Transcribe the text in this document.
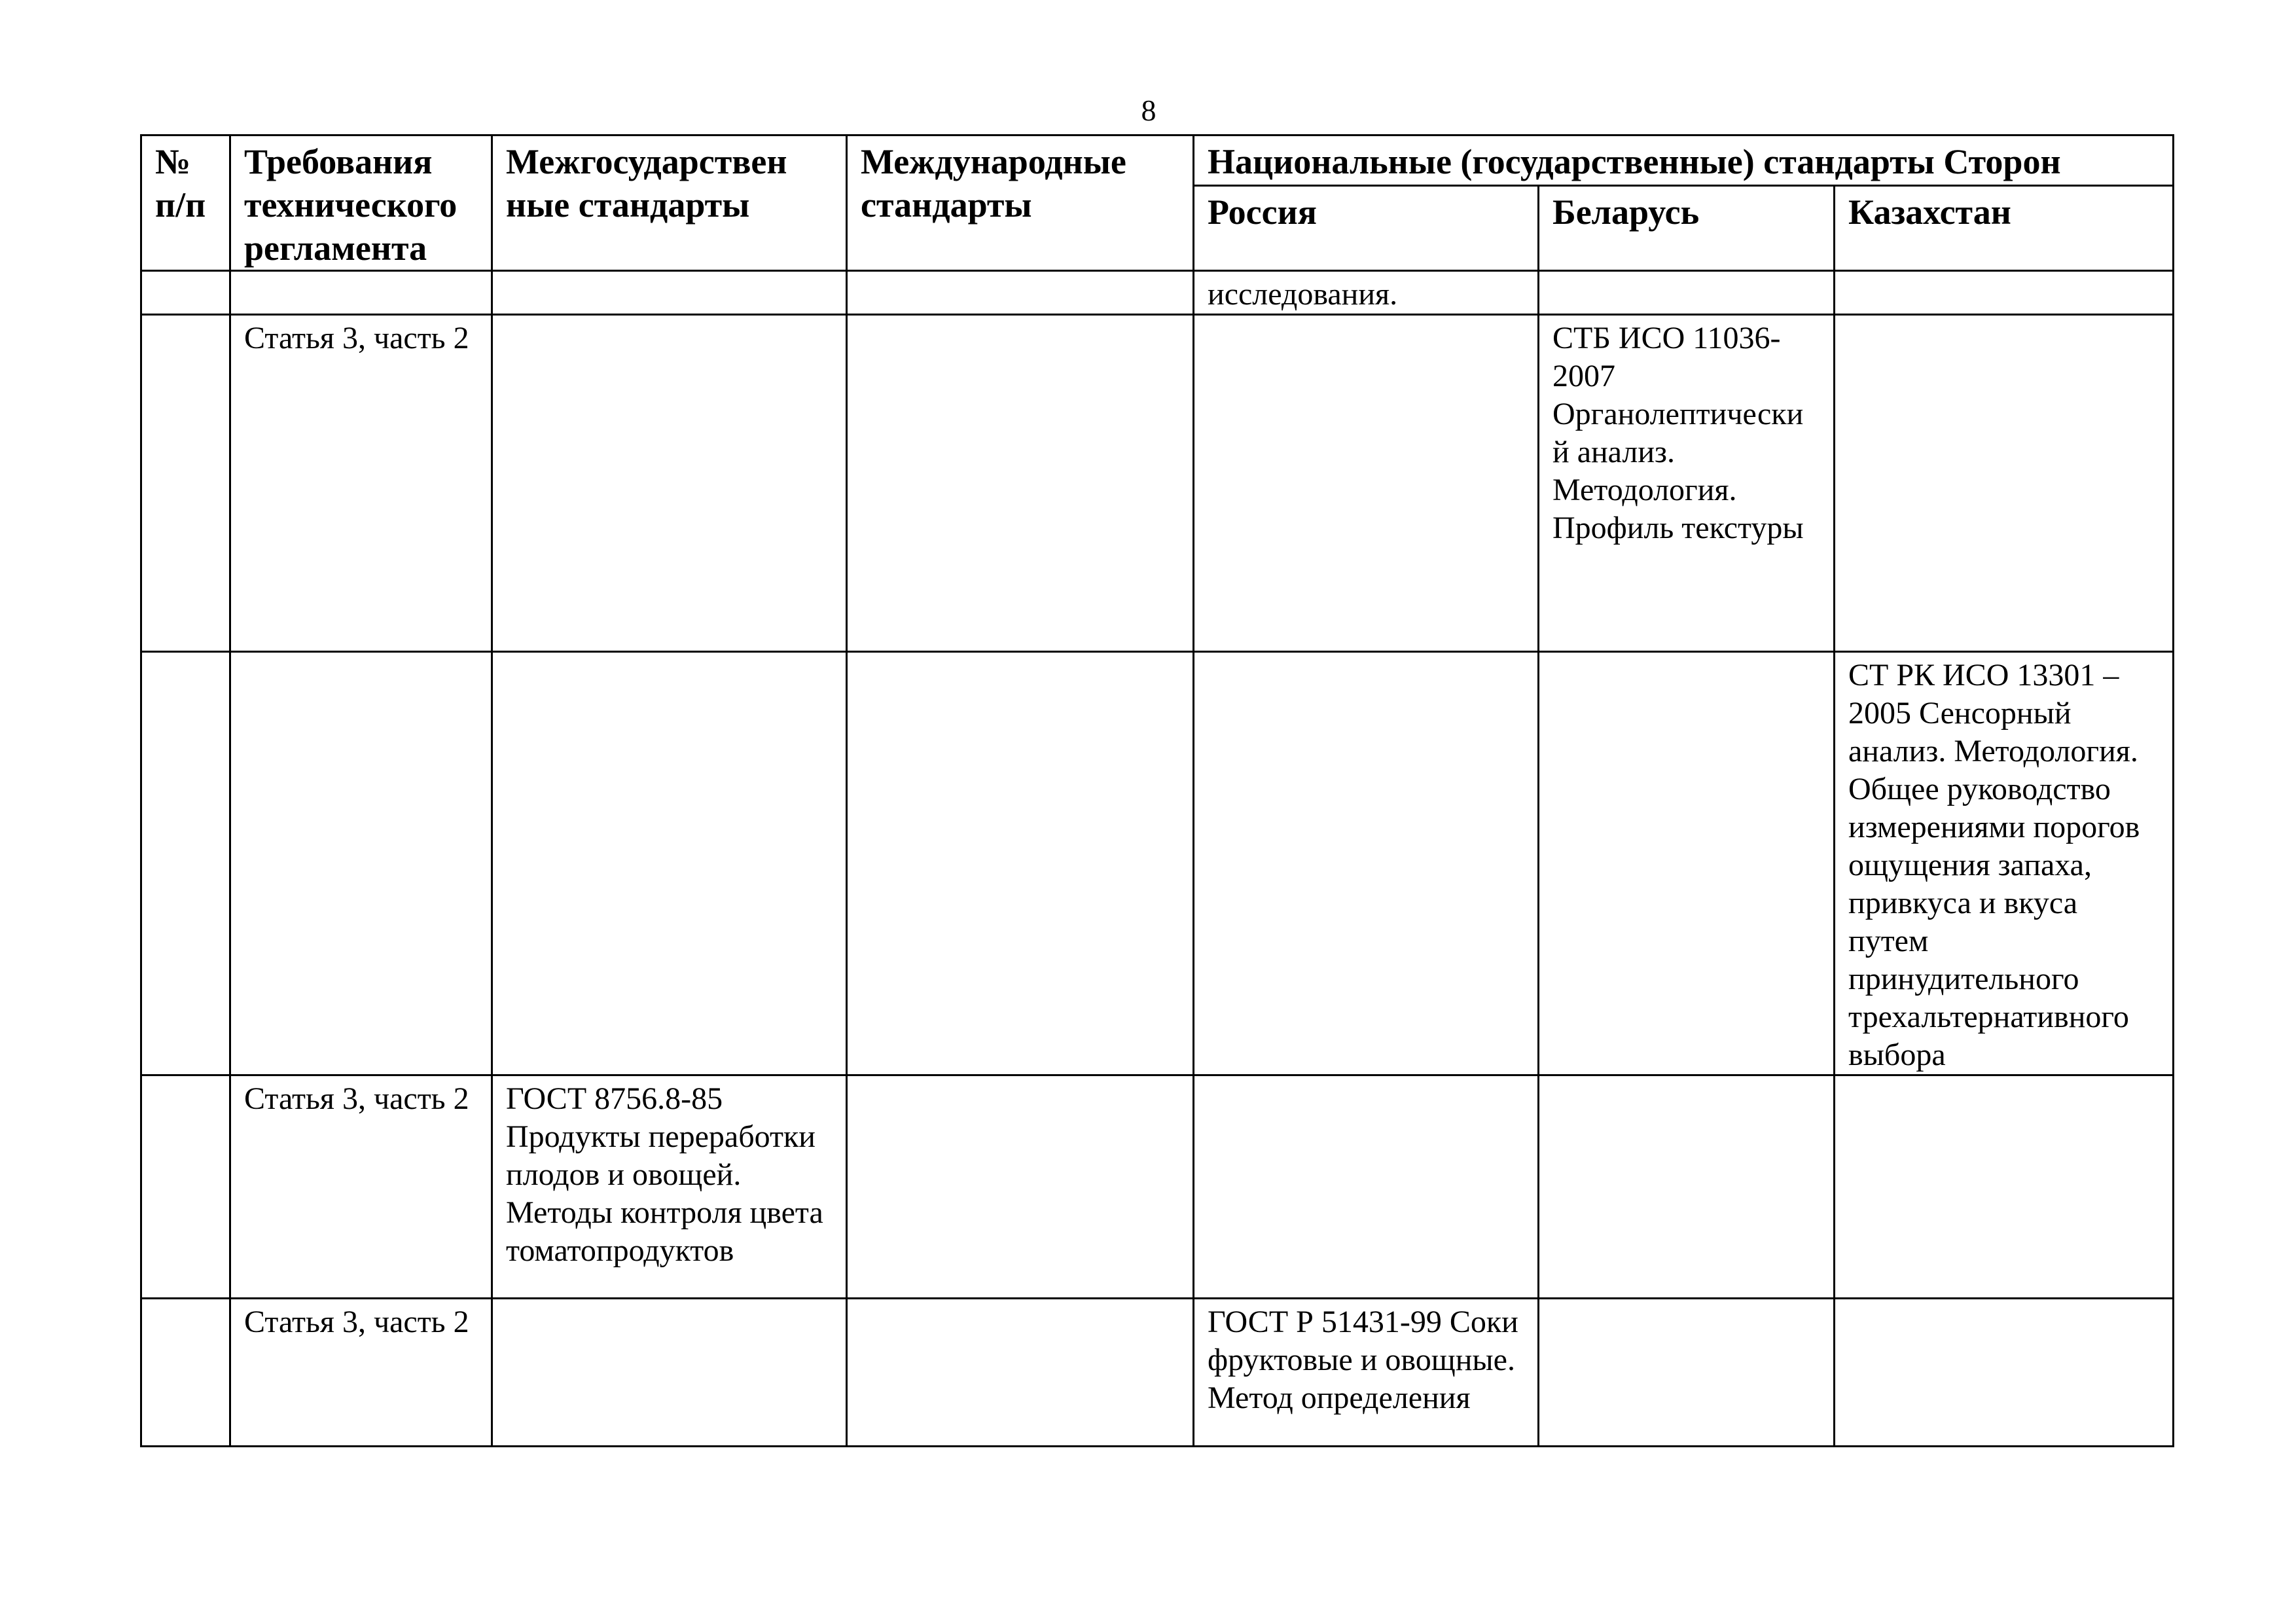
8
№ п/п	Требования технического регламента	Межгосударствен ные стандарты	Международные стандарты	Национальные (государственные) стандарты Сторон		
				Россия	Беларусь	Казахстан
				исследования.		
	Статья 3, часть 2				СТБ ИСО 11036-2007 Органолептически й анализ. Методология. Профиль текстуры	
						СТ РК ИСО 13301 – 2005 Сенсорный анализ. Методология. Общее руководство измерениями порогов ощущения запаха, привкуса и вкуса путем принудительного трехальтернативного выбора
	Статья 3, часть 2	ГОСТ 8756.8-85 Продукты переработки плодов и овощей. Методы контроля цвета томатопродуктов				
	Статья 3, часть 2			ГОСТ Р 51431-99 Соки фруктовые и овощные. Метод определения		
